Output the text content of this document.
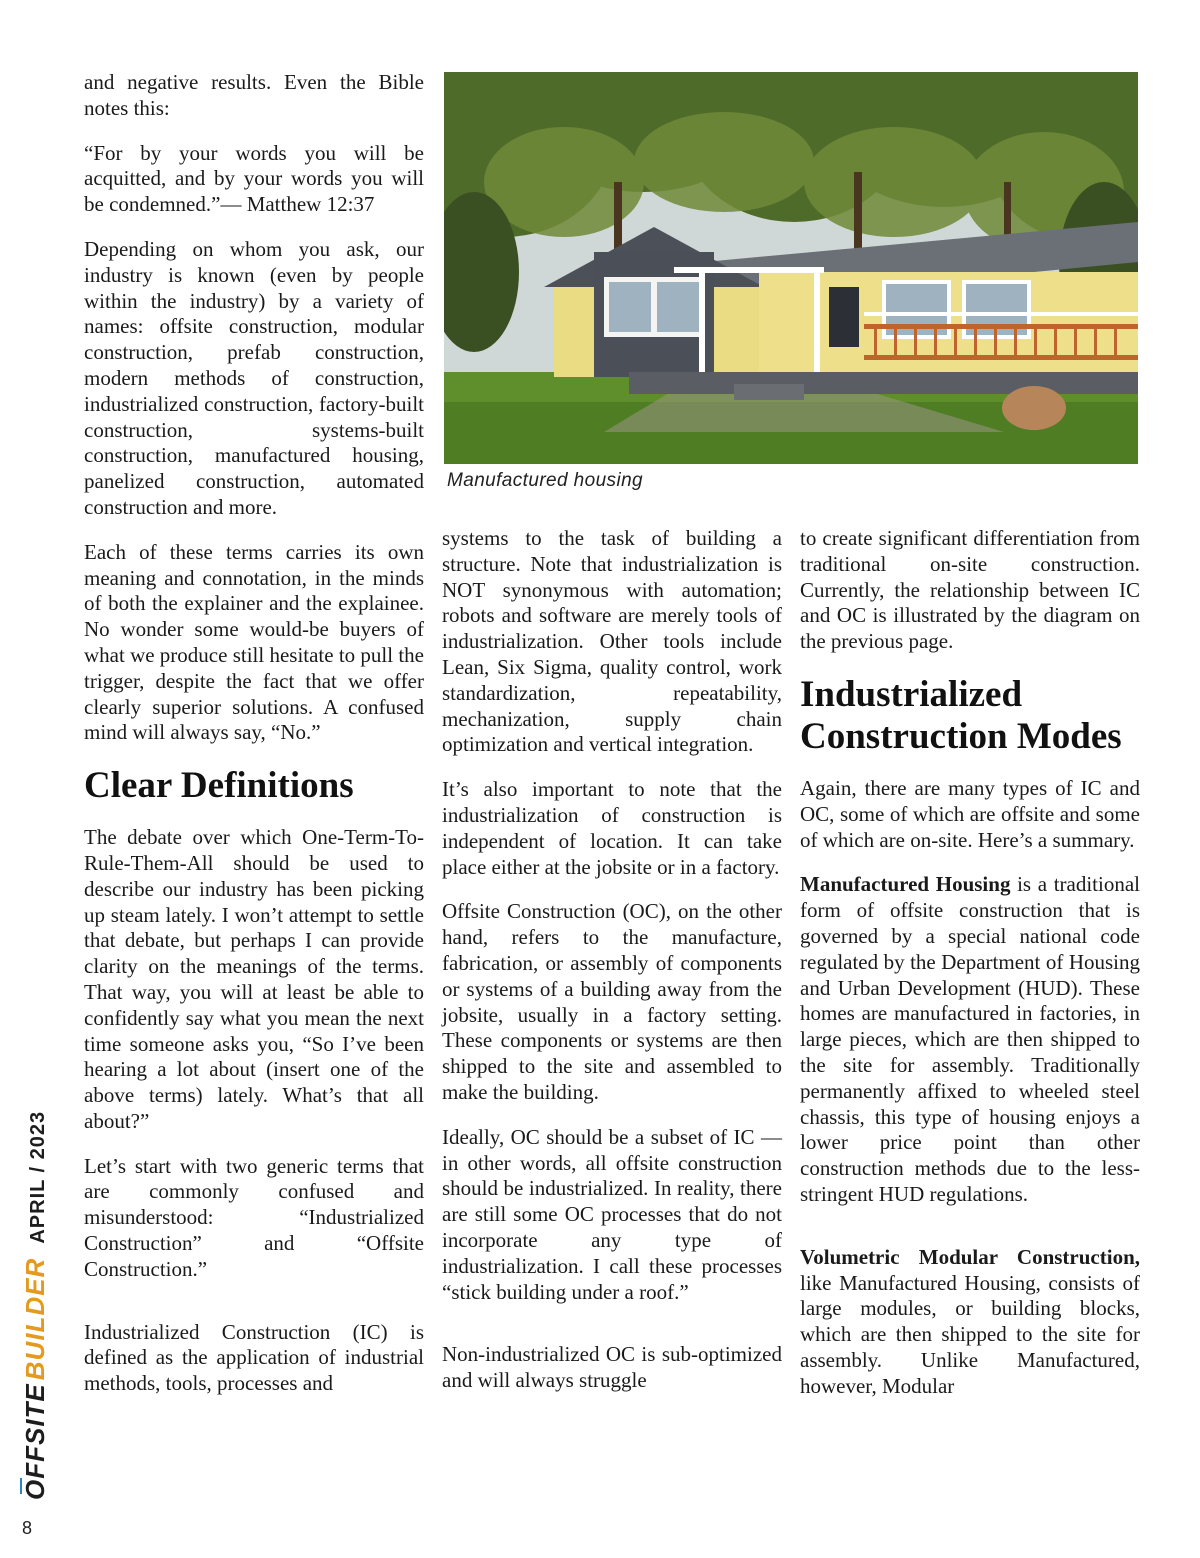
and negative results. Even the Bible notes this:

“For by your words you will be acquitted, and by your words you will be condemned.”— Matthew 12:37

Depending on whom you ask, our industry is known (even by people within the industry) by a variety of names: offsite construction, modular construction, prefab construction, modern methods of construction, industrialized construction, factory-built construction, systems-built construction, manufactured housing, panelized construction, automated construction and more.

Each of these terms carries its own meaning and connotation, in the minds of both the explainer and the explainee. No wonder some would-be buyers of what we produce still hesitate to pull the trigger, despite the fact that we offer clearly superior solutions. A confused mind will always say, “No.”

Clear Definitions

The debate over which One-Term-To-Rule-Them-All should be used to describe our industry has been picking up steam lately. I won’t attempt to settle that debate, but perhaps I can provide clarity on the meanings of the terms. That way, you will at least be able to confidently say what you mean the next time someone asks you, “So I’ve been hearing a lot about (insert one of the above terms) lately. What’s that all about?”

Let’s start with two generic terms that are commonly confused and misunderstood: “Industrialized Construction” and “Offsite Construction.”

Industrialized Construction (IC) is defined as the application of industrial methods, tools, processes and

Manufactured housing

systems to the task of building a structure. Note that industrialization is NOT synonymous with automation; robots and software are merely tools of industrialization. Other tools include Lean, Six Sigma, quality control, work standardization, repeatability, mechanization, supply chain optimization and vertical integration.

It’s also important to note that the industrialization of construction is independent of location. It can take place either at the jobsite or in a factory.

Offsite Construction (OC), on the other hand, refers to the manufacture, fabrication, or assembly of components or systems of a building away from the jobsite, usually in a factory setting. These components or systems are then shipped to the site and assembled to make the building.

Ideally, OC should be a subset of IC — in other words, all offsite construction should be industrialized. In reality, there are still some OC processes that do not incorporate any type of industrialization. I call these processes “stick building under a roof.”

Non-industrialized OC is sub-optimized and will always struggle

to create significant differentiation from traditional on-site construction. Currently, the relationship between IC and OC is illustrated by the diagram on the previous page.

Industrialized Construction Modes

Again, there are many types of IC and OC, some of which are offsite and some of which are on-site. Here’s a summary.

Manufactured Housing is a traditional form of offsite construction that is governed by a special national code regulated by the Department of Housing and Urban Development (HUD). These homes are manufactured in factories, in large pieces, which are then shipped to the site for assembly. Traditionally permanently affixed to wheeled steel chassis, this type of housing enjoys a lower price point than other construction methods due to the less-stringent HUD regulations.

Volumetric Modular Construction, like Manufactured Housing, consists of large modules, or building blocks, which are then shipped to the site for assembly. Unlike Manufactured, however, Modular

OFFSITEBUILDERAPRIL / 2023
8
